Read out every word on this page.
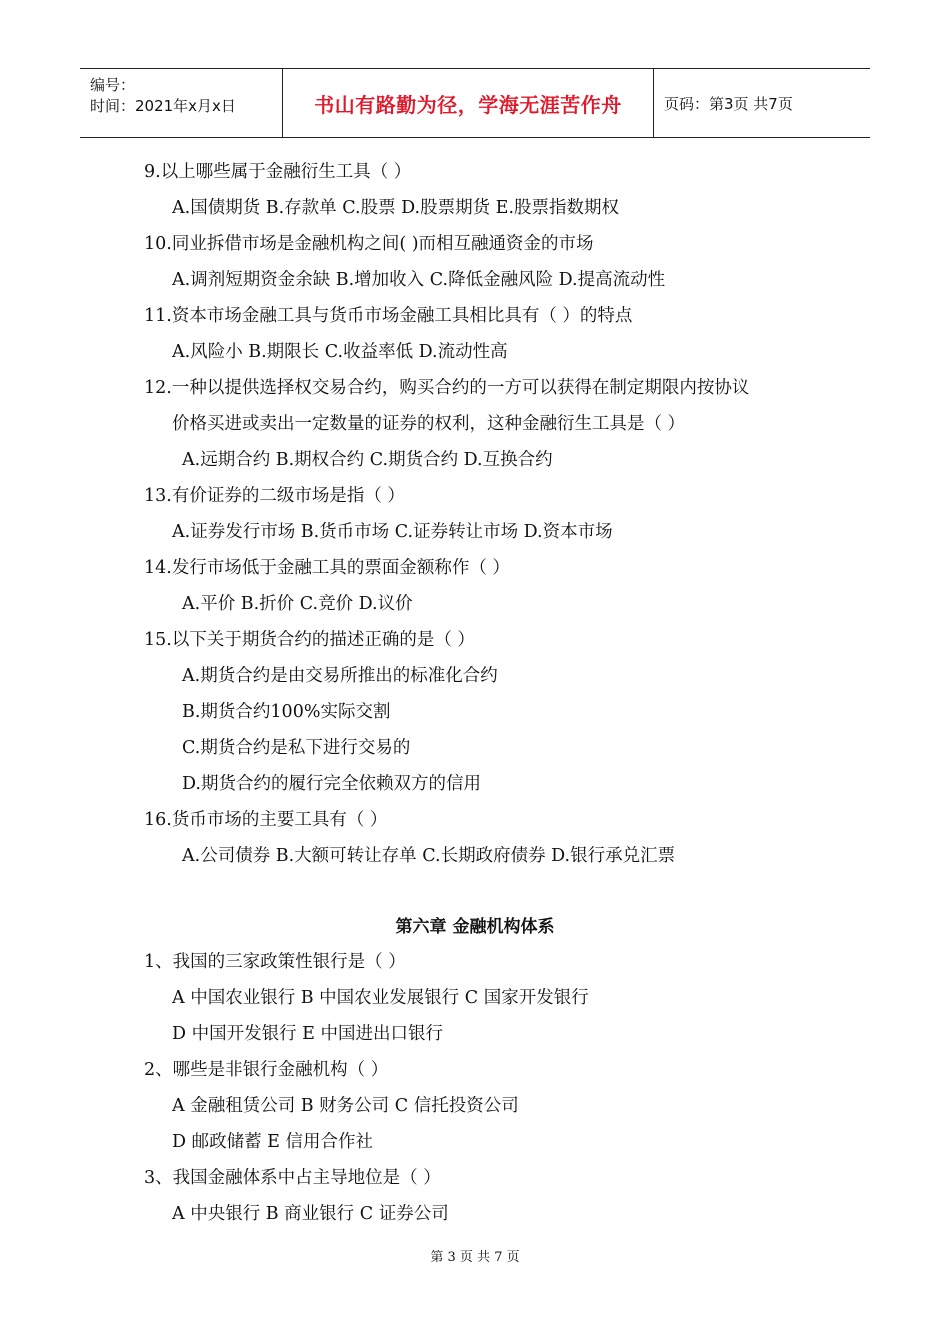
编号：
时间：2021年x月x日	书山有路勤为径，学海无涯苦作舟	页码：第3页 共7页
9.以上哪些属于金融衍生工具（ ）
A.国债期货 B.存款单 C.股票 D.股票期货 E.股票指数期权
10.同业拆借市场是金融机构之间( )而相互融通资金的市场
A.调剂短期资金余缺 B.增加收入 C.降低金融风险 D.提高流动性
11.资本市场金融工具与货币市场金融工具相比具有（ ）的特点
A.风险小 B.期限长 C.收益率低 D.流动性高
12.一种以提供选择权交易合约，购买合约的一方可以获得在制定期限内按协议
价格买进或卖出一定数量的证券的权利，这种金融衍生工具是（ ）
A.远期合约 B.期权合约 C.期货合约 D.互换合约
13.有价证券的二级市场是指（ ）
A.证券发行市场 B.货币市场 C.证券转让市场 D.资本市场
14.发行市场低于金融工具的票面金额称作（ ）
A.平价 B.折价 C.竞价 D.议价
15.以下关于期货合约的描述正确的是（ ）
A.期货合约是由交易所推出的标准化合约
B.期货合约100%实际交割
C.期货合约是私下进行交易的
D.期货合约的履行完全依赖双方的信用
16.货币市场的主要工具有（ ）
A.公司债券 B.大额可转让存单 C.长期政府债券 D.银行承兑汇票
第六章 金融机构体系
1、我国的三家政策性银行是（ ）
A 中国农业银行 B 中国农业发展银行 C 国家开发银行
D 中国开发银行 E 中国进出口银行
2、哪些是非银行金融机构（ ）
A 金融租赁公司 B 财务公司 C 信托投资公司
D 邮政储蓄 E 信用合作社
3、我国金融体系中占主导地位是（ ）
A 中央银行 B 商业银行 C 证券公司
第 3 页 共 7 页
